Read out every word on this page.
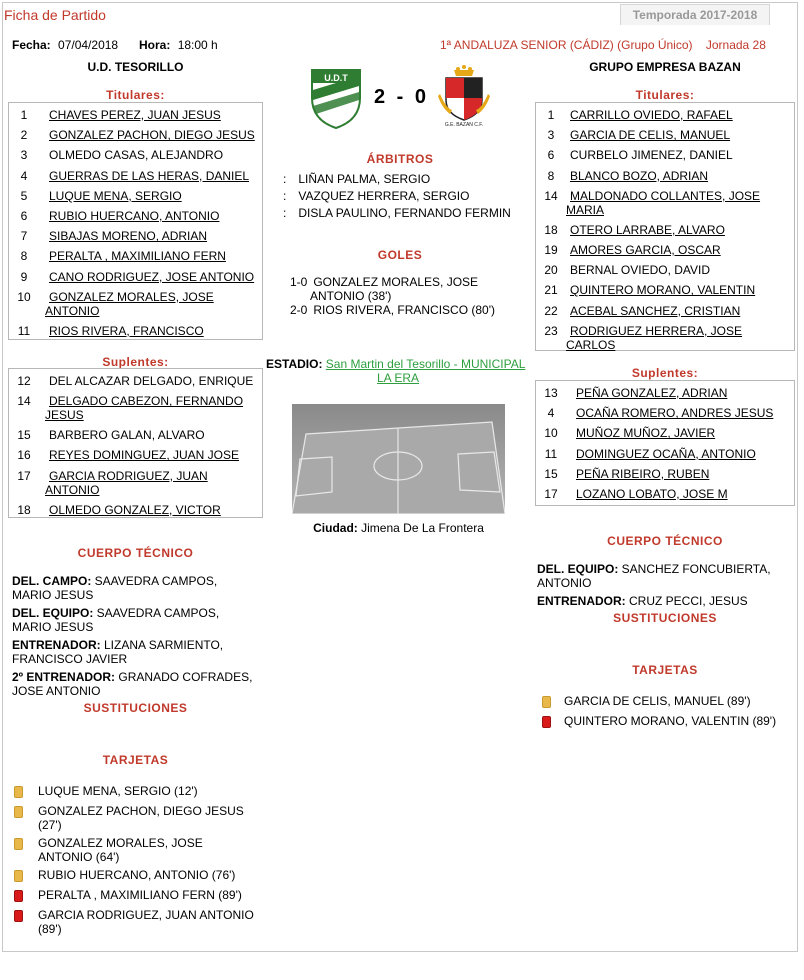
Ficha de Partido	Temporada 2017-2018
Fecha: 07/04/2018 Hora: 18:00 h	1ª ANDALUZA SENIOR (CÁDIZ) (Grupo Único) Jornada 28
U.D. TESORILLO	GRUPO EMPRESA BAZAN
U.D.T
2 - 0
G.E. BAZAN C.F.
Titulares:
1	CHAVES PEREZ, JUAN JESUS
2	GONZALEZ PACHON, DIEGO JESUS
3	OLMEDO CASAS, ALEJANDRO
4	GUERRAS DE LAS HERAS, DANIEL
5	LUQUE MENA, SERGIO
6	RUBIO HUERCANO, ANTONIO
7	SIBAJAS MORENO, ADRIAN
8	PERALTA , MAXIMILIANO FERN
9	CANO RODRIGUEZ, JOSE ANTONIO
10	GONZALEZ MORALES, JOSE
ANTONIO
11	RIOS RIVERA, FRANCISCO
Suplentes:
12	DEL ALCAZAR DELGADO, ENRIQUE
14	DELGADO CABEZON, FERNANDO
JESUS
15	BARBERO GALAN, ALVARO
16	REYES DOMINGUEZ, JUAN JOSE
17	GARCIA RODRIGUEZ, JUAN
ANTONIO
18	OLMEDO GONZALEZ, VICTOR
Titulares:
1	CARRILLO OVIEDO, RAFAEL
3	GARCIA DE CELIS, MANUEL
6	CURBELO JIMENEZ, DANIEL
8	BLANCO BOZO, ADRIAN
14	MALDONADO COLLANTES, JOSE
MARIA
18	OTERO LARRABE, ALVARO
19	AMORES GARCIA, OSCAR
20	BERNAL OVIEDO, DAVID
21	QUINTERO MORANO, VALENTIN
22	ACEBAL SANCHEZ, CRISTIAN
23	RODRIGUEZ HERRERA, JOSE
CARLOS
Suplentes:
13	PEÑA GONZALEZ, ADRIAN
4	OCAÑA ROMERO, ANDRES JESUS
10	MUÑOZ MUÑOZ, JAVIER
11	DOMINGUEZ OCAÑA, ANTONIO
15	PEÑA RIBEIRO, RUBEN
17	LOZANO LOBATO, JOSE M
ÁRBITROS
: LIÑAN PALMA, SERGIO
: VAZQUEZ HERRERA, SERGIO
: DISLA PAULINO, FERNANDO FERMIN
GOLES
1-0 GONZALEZ MORALES, JOSE
ANTONIO (38')
2-0 RIOS RIVERA, FRANCISCO (80')
ESTADIO: San Martin del Tesorillo - MUNICIPAL
LA ERA
Ciudad: Jimena De La Frontera
CUERPO TÉCNICO
DEL. CAMPO: SAAVEDRA CAMPOS,
MARIO JESUS
DEL. EQUIPO: SAAVEDRA CAMPOS,
MARIO JESUS
ENTRENADOR: LIZANA SARMIENTO,
FRANCISCO JAVIER
2º ENTRENADOR: GRANADO COFRADES,
JOSE ANTONIO
SUSTITUCIONES
TARJETAS
LUQUE MENA, SERGIO (12')
GONZALEZ PACHON, DIEGO JESUS
(27')
GONZALEZ MORALES, JOSE
ANTONIO (64')
RUBIO HUERCANO, ANTONIO (76')
PERALTA , MAXIMILIANO FERN (89')
GARCIA RODRIGUEZ, JUAN ANTONIO
(89')
CUERPO TÉCNICO
DEL. EQUIPO: SANCHEZ FONCUBIERTA,
ANTONIO
ENTRENADOR: CRUZ PECCI, JESUS
SUSTITUCIONES
TARJETAS
GARCIA DE CELIS, MANUEL (89')
QUINTERO MORANO, VALENTIN (89')
